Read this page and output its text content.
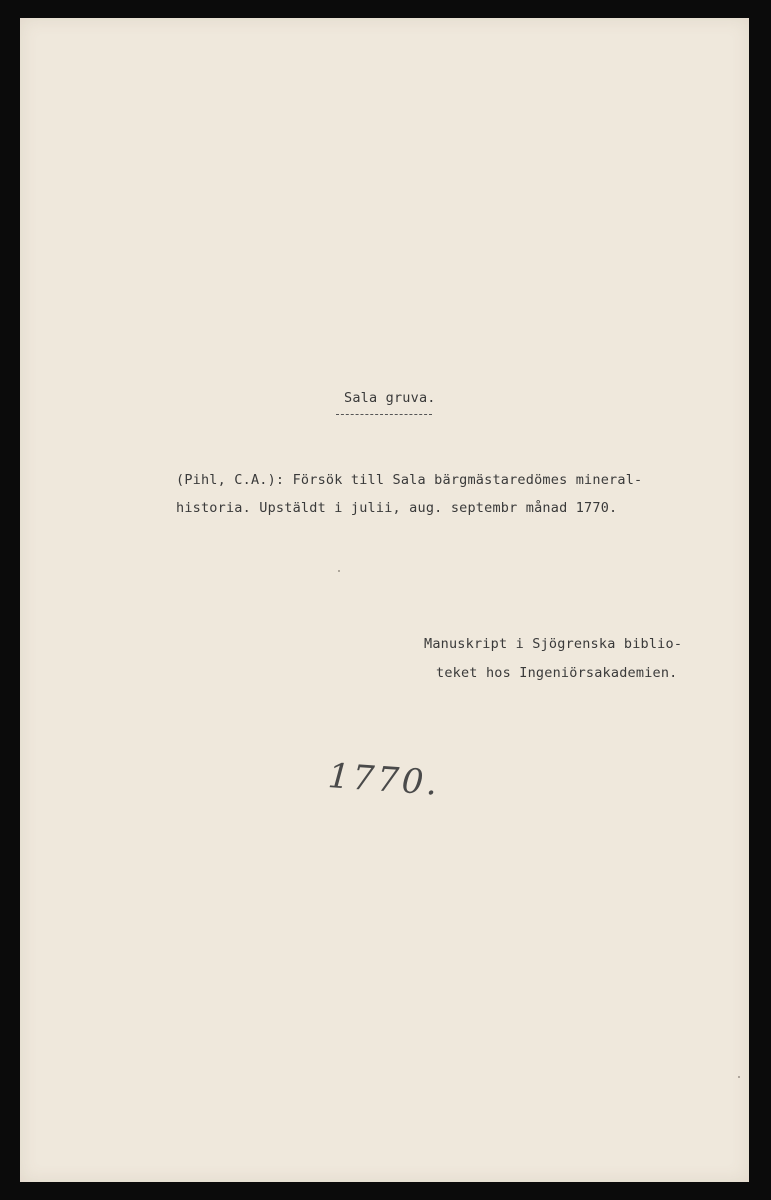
Sala gruva.
(Pihl, C.A.): Försök till Sala bärgmästaredömes mineral-
historia. Upstäldt i julii, aug. septembr månad 1770.
Manuskript i Sjögrenska biblio-
teket hos Ingeniörsakademien.
1770.
